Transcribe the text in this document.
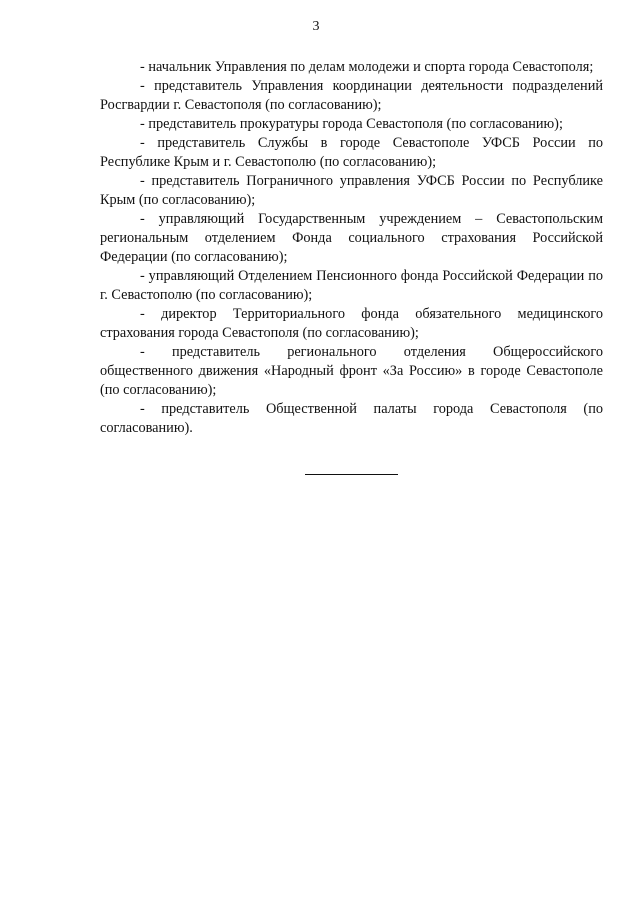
3

- начальник Управления по делам молодежи и спорта города Севастополя;

- представитель Управления координации деятельности подразделений Росгвардии г. Севастополя (по согласованию);

- представитель прокуратуры города Севастополя (по согласованию);

- представитель Службы в городе Севастополе УФСБ России по Республике Крым и г. Севастополю (по согласованию);

- представитель Пограничного управления УФСБ России по Республике Крым (по согласованию);

- управляющий Государственным учреждением – Севастопольским региональным отделением Фонда социального страхования Российской Федерации (по согласованию);

- управляющий Отделением Пенсионного фонда Российской Федерации по г. Севастополю (по согласованию);

- директор Территориального фонда обязательного медицинского страхования города Севастополя (по согласованию);

- представитель регионального отделения Общероссийского общественного движения «Народный фронт «За Россию» в городе Севастополе (по согласованию);

- представитель Общественной палаты города Севастополя (по согласованию).
